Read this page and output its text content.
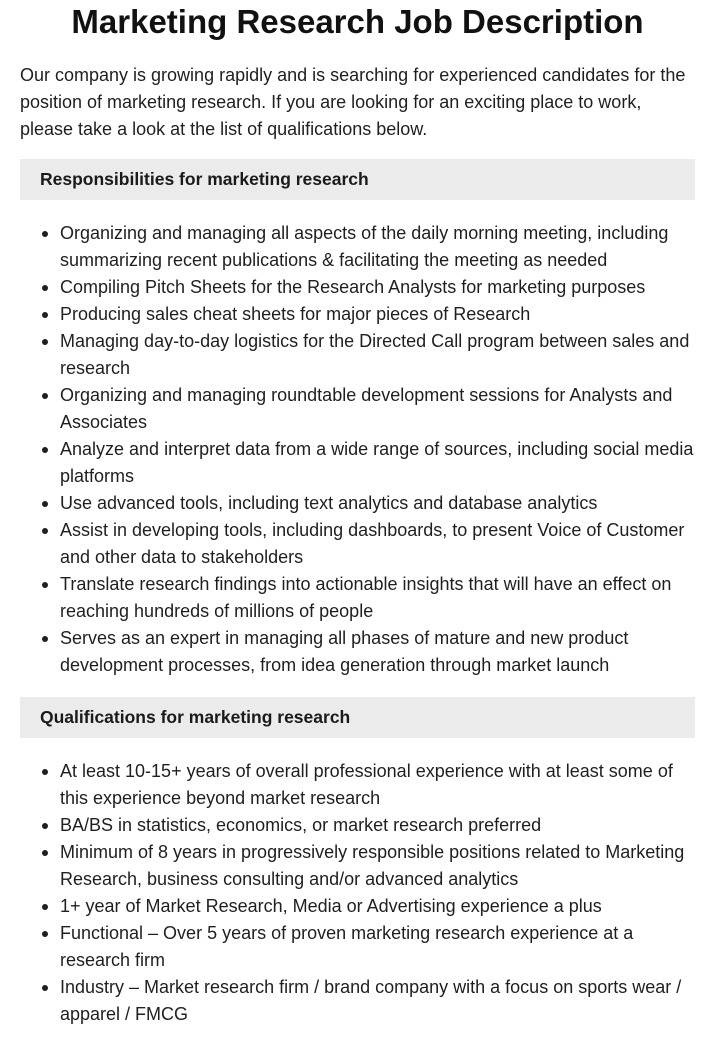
Marketing Research Job Description

Our company is growing rapidly and is searching for experienced candidates for the position of marketing research. If you are looking for an exciting place to work, please take a look at the list of qualifications below.

Responsibilities for marketing research
Organizing and managing all aspects of the daily morning meeting, including summarizing recent publications & facilitating the meeting as needed
Compiling Pitch Sheets for the Research Analysts for marketing purposes
Producing sales cheat sheets for major pieces of Research
Managing day-to-day logistics for the Directed Call program between sales and research
Organizing and managing roundtable development sessions for Analysts and Associates
Analyze and interpret data from a wide range of sources, including social media platforms
Use advanced tools, including text analytics and database analytics
Assist in developing tools, including dashboards, to present Voice of Customer and other data to stakeholders
Translate research findings into actionable insights that will have an effect on reaching hundreds of millions of people
Serves as an expert in managing all phases of mature and new product development processes, from idea generation through market launch
Qualifications for marketing research
At least 10-15+ years of overall professional experience with at least some of this experience beyond market research
BA/BS in statistics, economics, or market research preferred
Minimum of 8 years in progressively responsible positions related to Marketing Research, business consulting and/or advanced analytics
1+ year of Market Research, Media or Advertising experience a plus
Functional – Over 5 years of proven marketing research experience at a research firm
Industry – Market research firm / brand company with a focus on sports wear / apparel / FMCG
